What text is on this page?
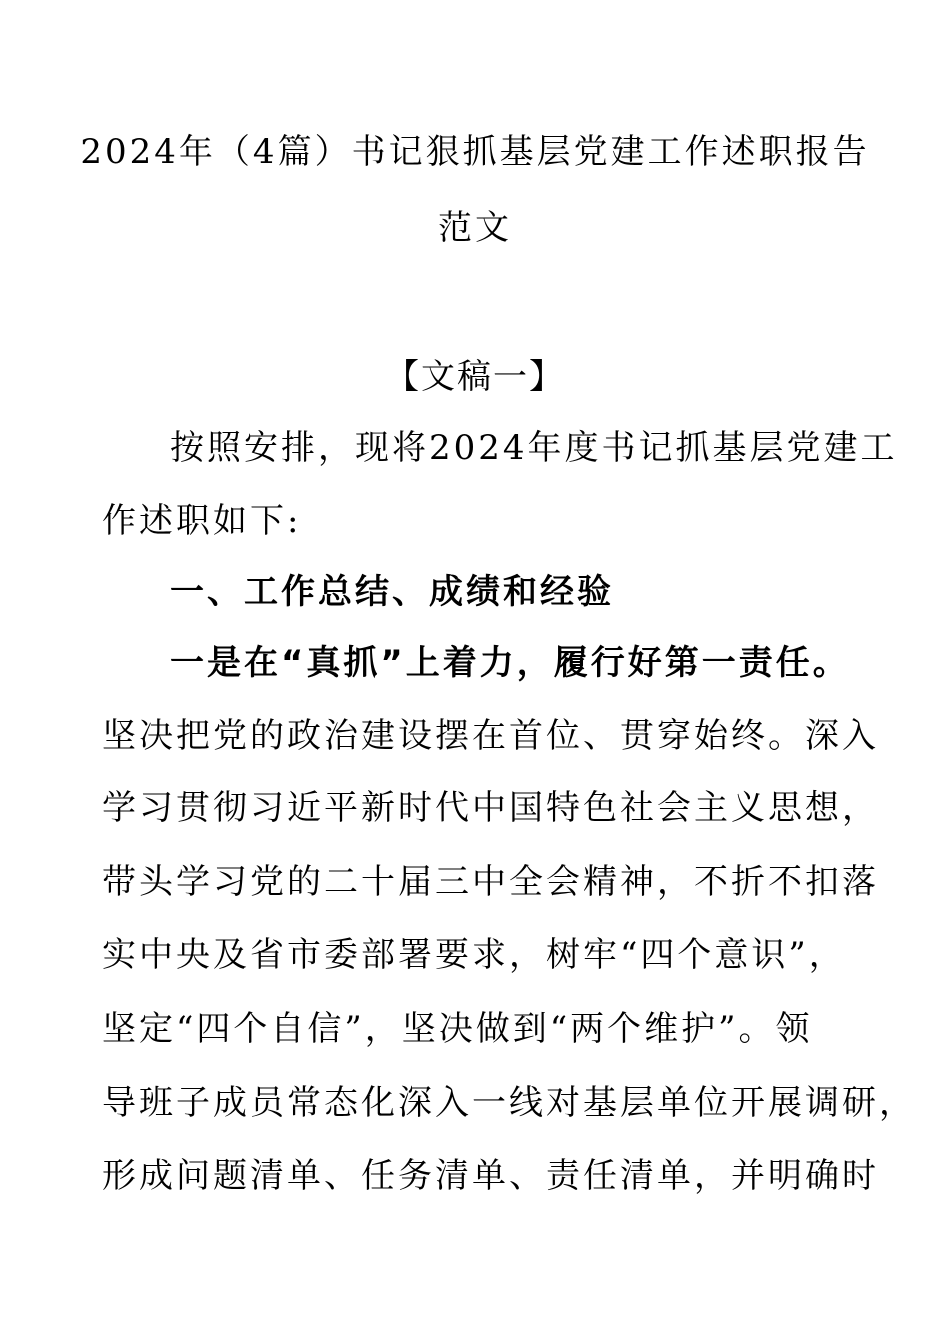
2024年（4篇）书记狠抓基层党建工作述职报告
范文
【文稿一】
按照安排，现将2024年度书记抓基层党建工
作述职如下:
一、工作总结、成绩和经验
一是在“真抓”上着力，履行好第一责任。
坚决把党的政治建设摆在首位、贯穿始终。深入
学习贯彻习近平新时代中国特色社会主义思想，
带头学习党的二十届三中全会精神，不折不扣落
实中央及省市委部署要求，树牢“四个意识”，
坚定“四个自信”，坚决做到“两个维护”。领
导班子成员常态化深入一线对基层单位开展调研，
形成问题清单、任务清单、责任清单，并明确时
